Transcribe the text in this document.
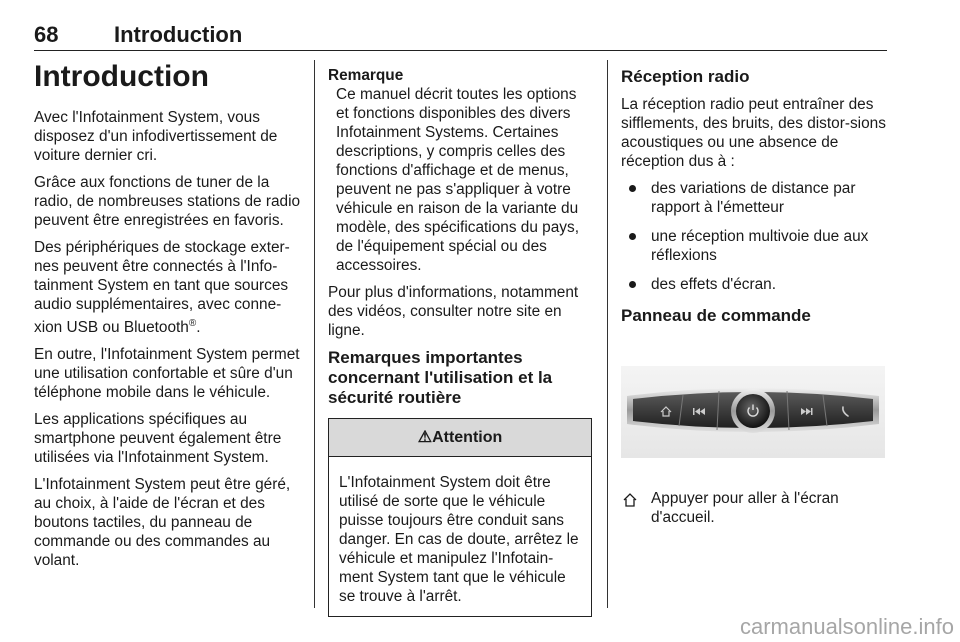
68	Introduction
Introduction

Avec l'Infotainment System, vous disposez d'un infodivertissement de voiture dernier cri.

Grâce aux fonctions de tuner de la radio, de nombreuses stations de radio peuvent être enregistrées en favoris.

Des périphériques de stockage exter-nes peuvent être connectés à l'Info-tainment System en tant que sources audio supplémentaires, avec conne-xion USB ou Bluetooth®.

En outre, l'Infotainment System permet une utilisation confortable et sûre d'un téléphone mobile dans le véhicule.

Les applications spécifiques au smartphone peuvent également être utilisées via l'Infotainment System.

L'Infotainment System peut être géré, au choix, à l'aide de l'écran et des boutons tactiles, du panneau de commande ou des commandes au volant.

Remarque
Ce manuel décrit toutes les options et fonctions disponibles des divers Infotainment Systems. Certaines descriptions, y compris celles des fonctions d'affichage et de menus, peuvent ne pas s'appliquer à votre véhicule en raison de la variante du modèle, des spécifications du pays, de l'équipement spécial ou des accessoires.

Pour plus d'informations, notamment des vidéos, consulter notre site en ligne.

Remarques importantes concernant l'utilisation et la sécurité routière
⚠Attention
L'Infotainment System doit être utilisé de sorte que le véhicule puisse toujours être conduit sans danger. En cas de doute, arrêtez le véhicule et manipulez l'Infotain-ment System tant que le véhicule se trouve à l'arrêt.
Réception radio

La réception radio peut entraîner des sifflements, des bruits, des distor-sions acoustiques ou une absence de réception dus à :

des variations de distance par rapport à l'émetteur
une réception multivoie due aux réflexions
des effets d'écran.
Panneau de commande
Appuyer pour aller à l'écran d'accueil.
carmanualsonline.info
